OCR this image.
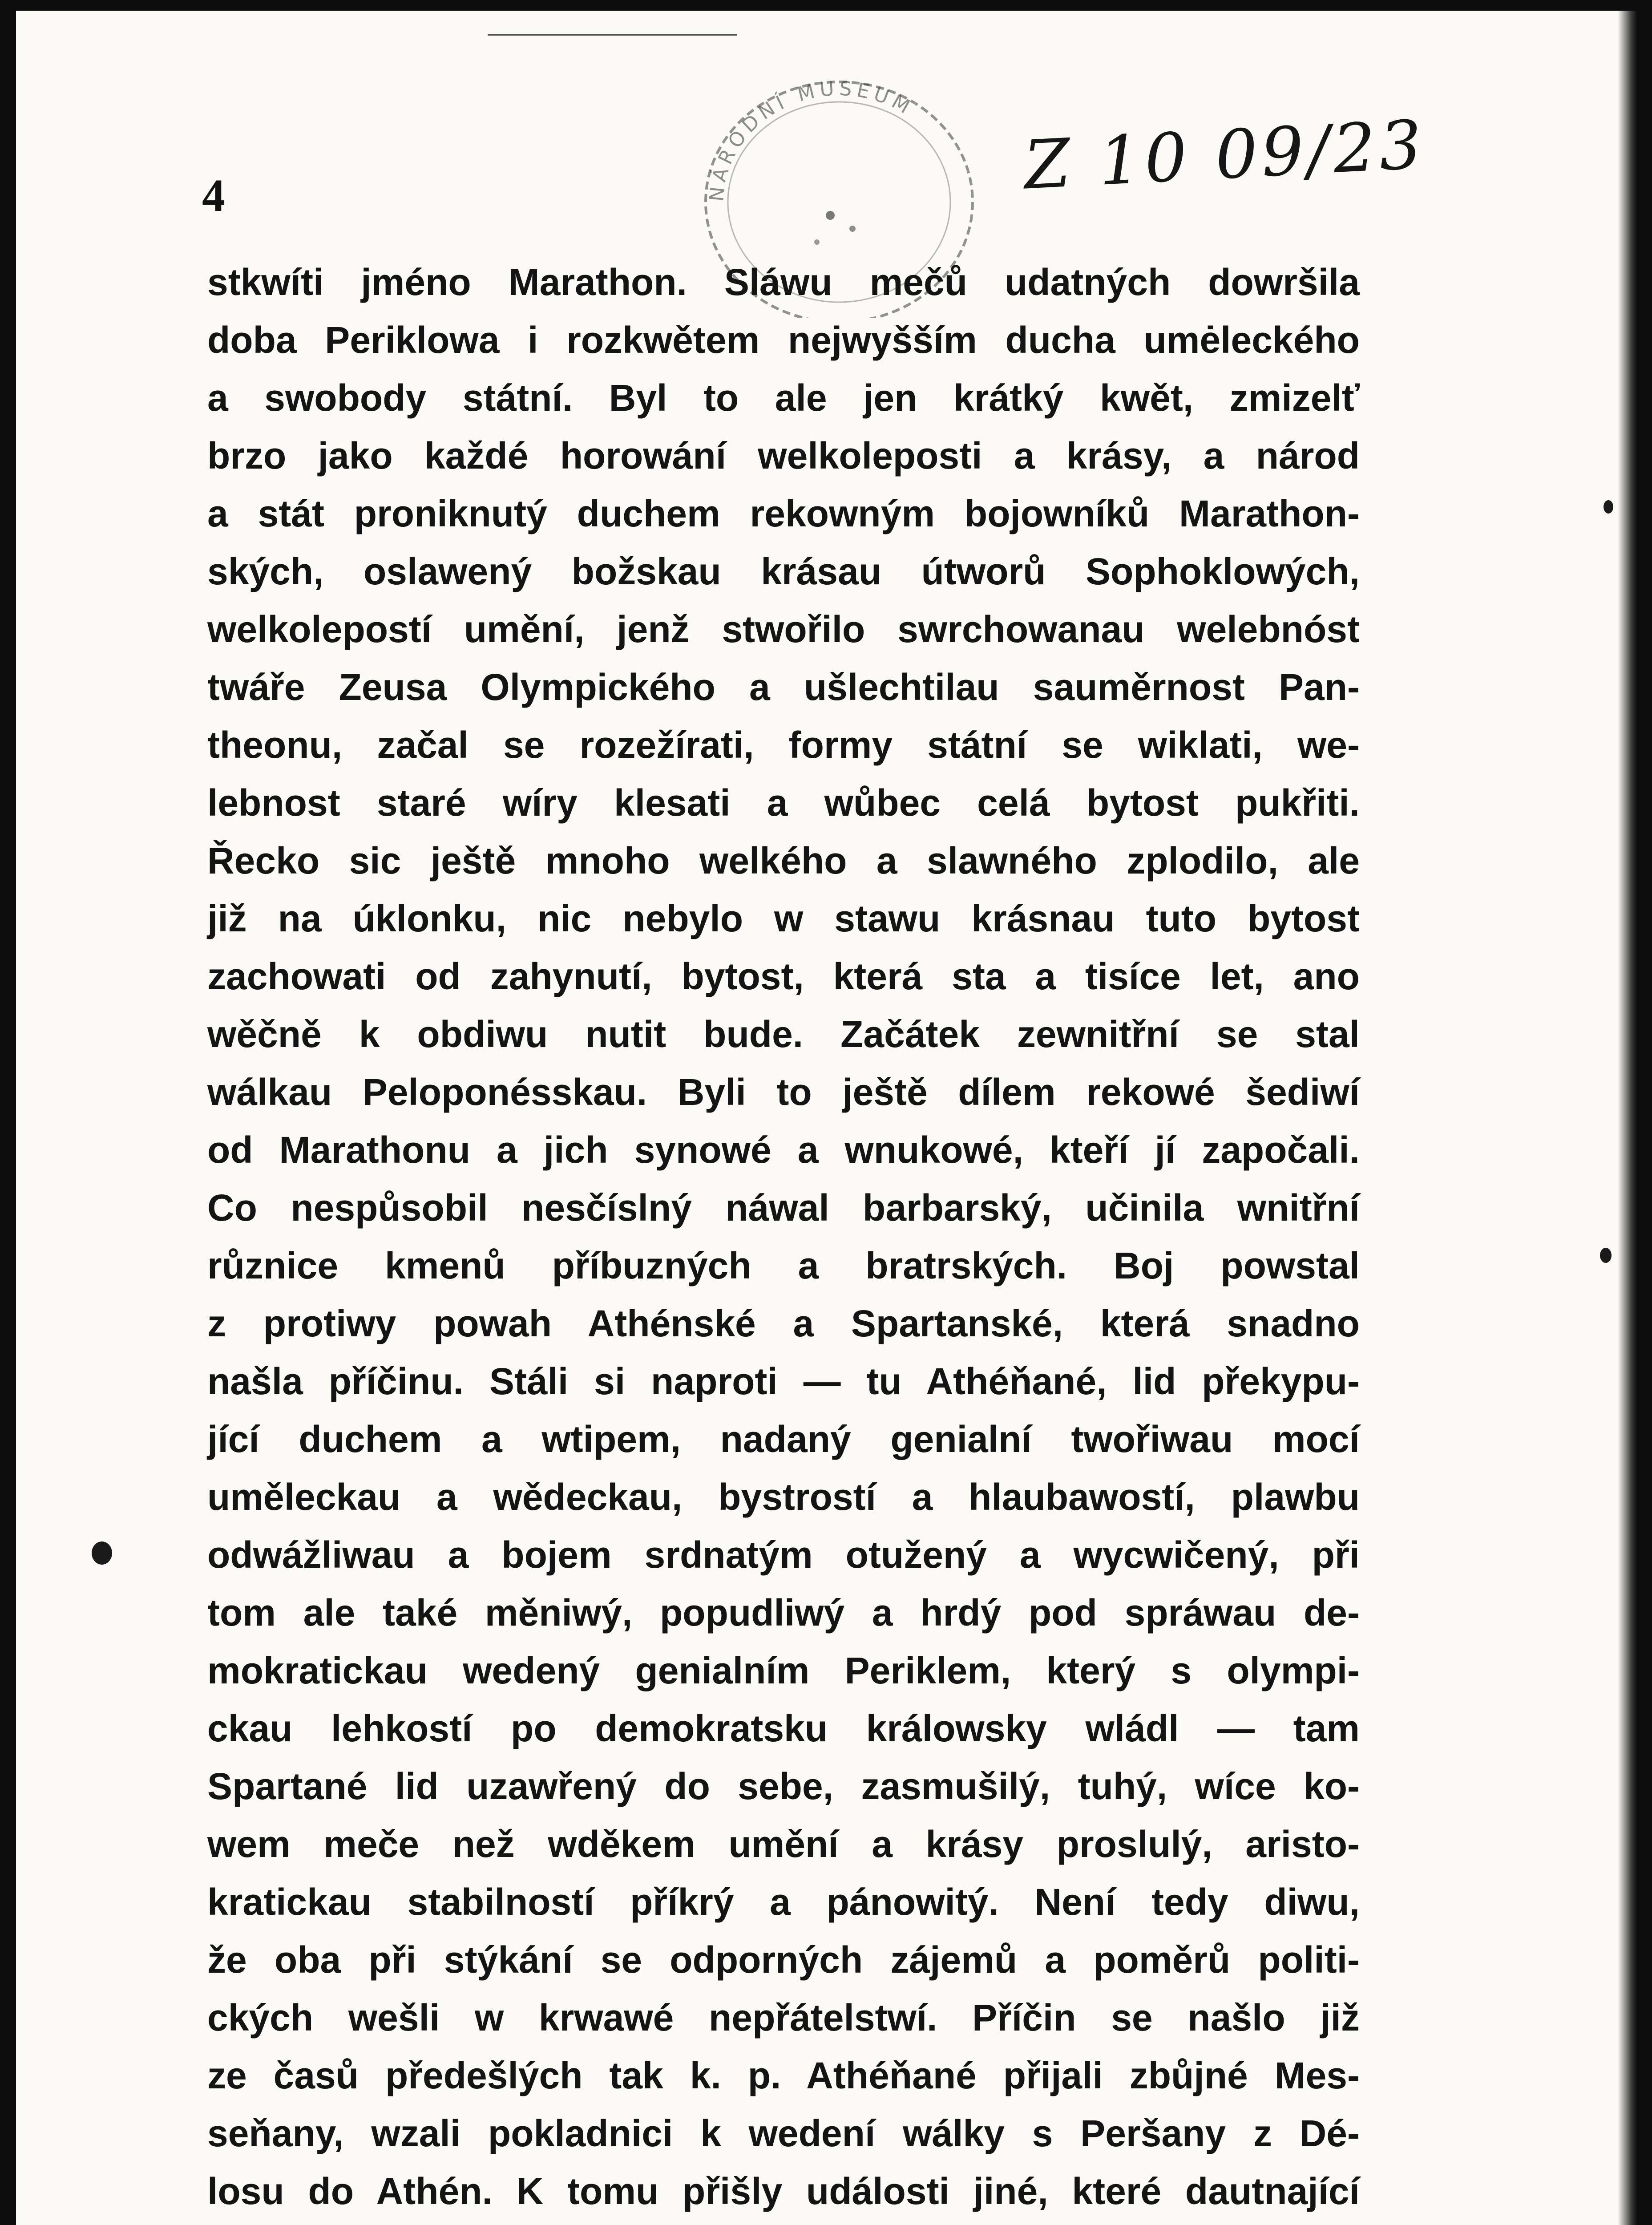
NÁRODNÍ MUSEUM
4	Z 10 09/23
stkwíti jméno Marathon. Sláwu mečů udatných dowršila
doba Periklowa i rozkwětem nejwyšším ducha umėleckého
a swobody státní. Byl to ale jen krátký kwět, zmizelť
brzo jako každé horowání welkoleposti a krásy, a národ
a stát proniknutý duchem rekowným bojowníků Marathon-
ských, oslawený božskau krásau útworů Sophoklowých,
welkolepostí umění, jenž stwořilo swrchowanau welebnóst
twáře Zeusa Olympického a ušlechtilau sauměrnost Pan-
theonu, začal se rozežírati, formy státní se wiklati, we-
lebnost staré wíry klesati a wůbec celá bytost pukřiti.
Řecko sic ještě mnoho welkého a slawného zplodilo, ale
již na úklonku, nic nebylo w stawu krásnau tuto bytost
zachowati od zahynutí, bytost, která sta a tisíce let, ano
wěčně k obdiwu nutit bude. Začátek zewnitřní se stal
wálkau Peloponésskau. Byli to ještě dílem rekowé šediwí
od Marathonu a jich synowé a wnukowé, kteří jí započali.
Co nespůsobil nesčíslný náwal barbarský, učinila wnitřní
různice kmenů příbuzných a bratrských. Boj powstal
z protiwy powah Athénské a Spartanské, která snadno
našla příčinu. Stáli si naproti — tu Athéňané, lid překypu-
jící duchem a wtipem, nadaný genialní twořiwau mocí
uměleckau a wědeckau, bystrostí a hlaubawostí, plawbu
odwážliwau a bojem srdnatým otužený a wycwičený, při
tom ale také měniwý, popudliwý a hrdý pod spráwau de-
mokratickau wedený genialním Periklem, který s olympi-
ckau lehkostí po demokratsku králowsky wládl — tam
Spartané lid uzawřený do sebe, zasmušilý, tuhý, wíce ko-
wem meče než wděkem umění a krásy proslulý, aristo-
kratickau stabilností příkrý a pánowitý. Není tedy diwu,
že oba při stýkání se odporných zájemů a poměrů politi-
ckých wešli w krwawé nepřátelstwí. Příčin se našlo již
ze časů předešlých tak k. p. Athéňané přijali zbůjné Mes-
seňany, wzali pokladnici k wedení wálky s Peršany z Dé-
losu do Athén. K tomu přišly události jiné, které dautnající
